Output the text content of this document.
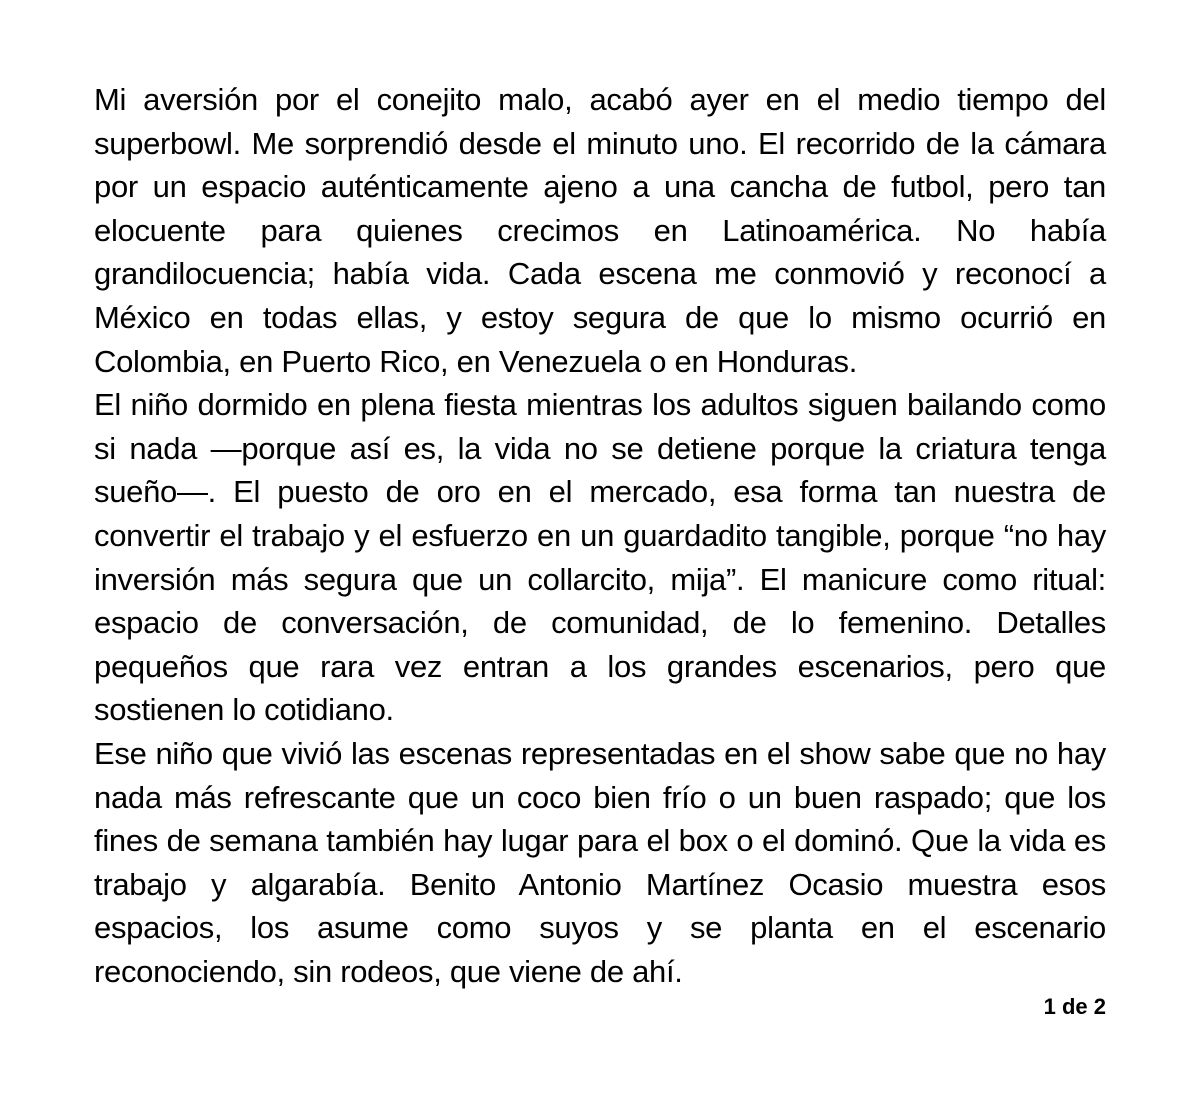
Mi aversión por el conejito malo, acabó ayer en el medio tiempo del superbowl. Me sorprendió desde el minuto uno. El recorrido de la cámara por un espacio auténticamente ajeno a una cancha de futbol, pero tan elocuente para quienes crecimos en Latinoamérica. No había grandilocuencia; había vida. Cada escena me conmovió y reconocí a México en todas ellas, y estoy segura de que lo mismo ocurrió en Colombia, en Puerto Rico, en Venezuela o en Honduras.

El niño dormido en plena fiesta mientras los adultos siguen bailando como si nada —porque así es, la vida no se detiene porque la criatura tenga sueño—. El puesto de oro en el mercado, esa forma tan nuestra de convertir el trabajo y el esfuerzo en un guardadito tangible, porque “no hay inversión más segura que un collarcito, mija”. El manicure como ritual: espacio de conversación, de comunidad, de lo femenino. Detalles pequeños que rara vez entran a los grandes escenarios, pero que sostienen lo cotidiano.

Ese niño que vivió las escenas representadas en el show sabe que no hay nada más refrescante que un coco bien frío o un buen raspado; que los fines de semana también hay lugar para el box o el dominó. Que la vida es trabajo y algarabía. Benito Antonio Martínez Ocasio muestra esos espacios, los asume como suyos y se planta en el escenario reconociendo, sin rodeos, que viene de ahí.

1 de 2
